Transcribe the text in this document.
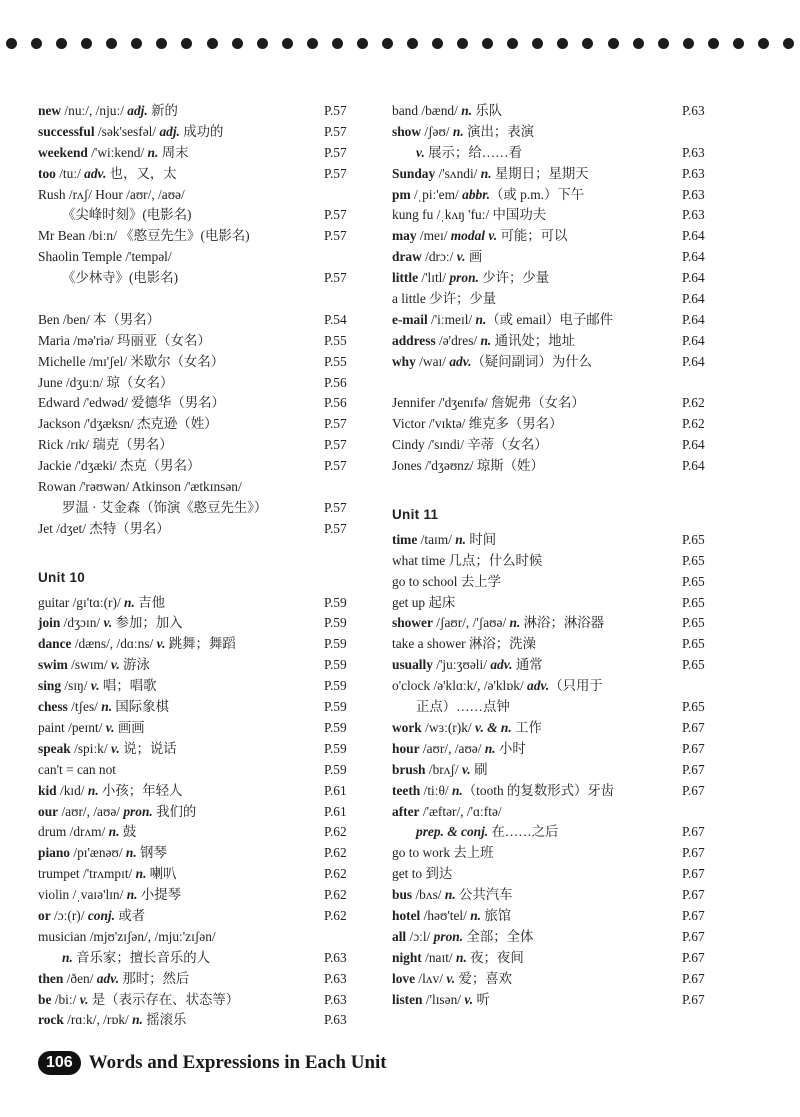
new /nuː/, /njuː/ adj. 新的	P.57
successful /sək'sesfəl/ adj. 成功的	P.57
weekend /'wiːkend/ n. 周末	P.57
too /tuː/ adv. 也，又，太	P.57
Rush /rʌʃ/ Hour /aʊr/, /aʊə/
《尖峰时刻》(电影名)	P.57
Mr Bean /biːn/ 《憨豆先生》(电影名)	P.57
Shaolin Temple /'tempəl/
《少林寺》(电影名)	P.57
Ben /ben/ 本（男名）	P.54
Maria /mə'riə/ 玛丽亚（女名）	P.55
Michelle /mɪ'ʃel/ 米歇尔（女名）	P.55
June /dʒuːn/ 琼（女名）	P.56
Edward /'edwəd/ 爱德华（男名）	P.56
Jackson /'dʒæksn/ 杰克逊（姓）	P.57
Rick /rɪk/ 瑞克（男名）	P.57
Jackie /'dʒæki/ 杰克（男名）	P.57
Rowan /'rəʊwən/ Atkinson /'ætkɪnsən/
罗温 · 艾金森（饰演《憨豆先生》）	P.57
Jet /dʒet/ 杰特（男名）	P.57
Unit 10
guitar /gɪ'tɑː(r)/ n. 吉他	P.59
join /dʒɔɪn/ v. 参加；加入	P.59
dance /dæns/, /dɑːns/ v. 跳舞；舞蹈	P.59
swim /swɪm/ v. 游泳	P.59
sing /sɪŋ/ v. 唱；唱歌	P.59
chess /tʃes/ n. 国际象棋	P.59
paint /peɪnt/ v. 画画	P.59
speak /spiːk/ v. 说；说话	P.59
can't = can not	P.59
kid /kɪd/ n. 小孩；年轻人	P.61
our /aʊr/, /aʊə/ pron. 我们的	P.61
drum /drʌm/ n. 鼓	P.62
piano /pɪ'ænəʊ/ n. 钢琴	P.62
trumpet /'trʌmpɪt/ n. 喇叭	P.62
violin /ˌvaɪə'lɪn/ n. 小提琴	P.62
or /ɔː(r)/ conj. 或者	P.62
musician /mjʊ'zɪʃən/, /mjuː'zɪʃən/
n. 音乐家；擅长音乐的人	P.63
then /ðen/ adv. 那时；然后	P.63
be /biː/ v. 是（表示存在、状态等）	P.63
rock /rɑːk/, /rɒk/ n. 摇滚乐	P.63
band /bænd/ n. 乐队	P.63
show /ʃəʊ/ n. 演出；表演
v. 展示；给……看	P.63
Sunday /'sʌndi/ n. 星期日；星期天	P.63
pm /ˌpiː'em/ abbr.（或 p.m.）下午	P.63
kung fu /ˌkʌŋ 'fuː/ 中国功夫	P.63
may /meɪ/ modal v. 可能；可以	P.64
draw /drɔː/ v. 画	P.64
little /'lɪtl/ pron. 少许；少量	P.64
a little 少许；少量	P.64
e-mail /'iːmeɪl/ n.（或 email）电子邮件	P.64
address /ə'dres/ n. 通讯处；地址	P.64
why /waɪ/ adv.（疑问副词）为什么	P.64
Jennifer /'dʒenɪfə/ 詹妮弗（女名）	P.62
Victor /'vɪktə/ 维克多（男名）	P.62
Cindy /'sɪndi/ 辛蒂（女名）	P.64
Jones /'dʒəʊnz/ 琼斯（姓）	P.64
Unit 11
time /taɪm/ n. 时间	P.65
what time 几点；什么时候	P.65
go to school 去上学	P.65
get up 起床	P.65
shower /ʃaʊr/, /'ʃaʊə/ n. 淋浴；淋浴器	P.65
take a shower 淋浴；洗澡	P.65
usually /'juːʒʊəli/ adv. 通常	P.65
o'clock /ə'klɑːk/, /ə'klɒk/ adv.（只用于
正点）……点钟	P.65
work /wɜː(r)k/ v. & n. 工作	P.67
hour /aʊr/, /aʊə/ n. 小时	P.67
brush /brʌʃ/ v. 刷	P.67
teeth /tiːθ/ n.（tooth 的复数形式）牙齿	P.67
after /'æftər/, /'ɑːftə/
prep. & conj. 在……之后	P.67
go to work 去上班	P.67
get to 到达	P.67
bus /bʌs/ n. 公共汽车	P.67
hotel /həʊ'tel/ n. 旅馆	P.67
all /ɔːl/ pron. 全部；全体	P.67
night /naɪt/ n. 夜；夜间	P.67
love /lʌv/ v. 爱；喜欢	P.67
listen /'lɪsən/ v. 听	P.67
106 Words and Expressions in Each Unit
